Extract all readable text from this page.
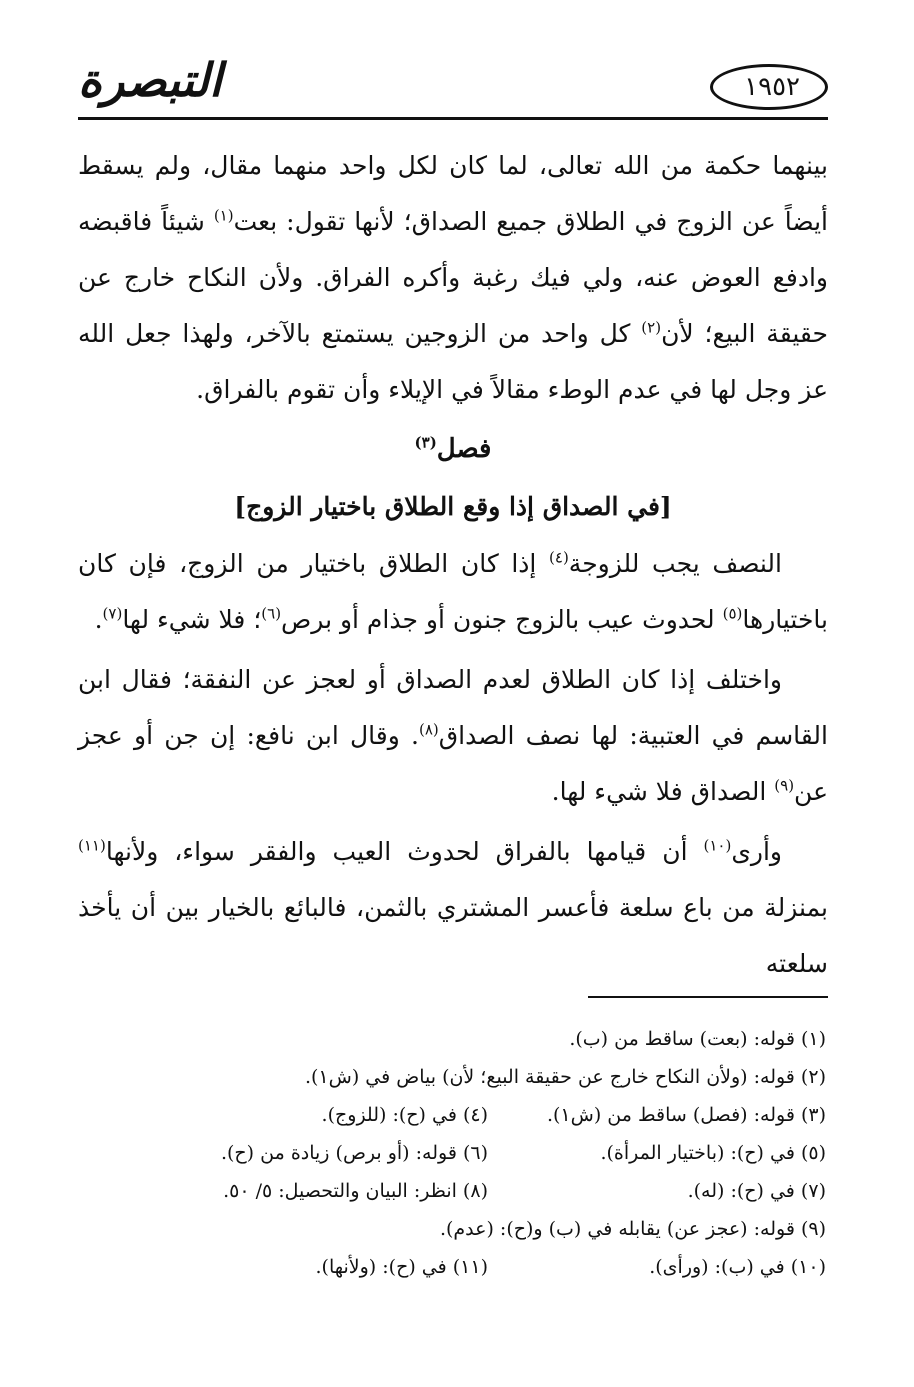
التبصرة	١٩٥٢

بينهما حكمة من الله تعالى، لما كان لكل واحد منهما مقال، ولم يسقط أيضاً عن الزوج في الطلاق جميع الصداق؛ لأنها تقول: بعت$^{(١)}$ شيئاً فاقبضه وادفع العوض عنه، ولي فيك رغبة وأكره الفراق. ولأن النكاح خارج عن حقيقة البيع؛ لأن$^{(٢)}$ كل واحد من الزوجين يستمتع بالآخر، ولهذا جعل الله عز وجل لها في عدم الوطء مقالاً في الإيلاء وأن تقوم بالفراق.

فصل$^{(٣)}$

[في الصداق إذا وقع الطلاق باختيار الزوج]

النصف يجب للزوجة$^{(٤)}$ إذا كان الطلاق باختيار من الزوج، فإن كان باختيارها$^{(٥)}$ لحدوث عيب بالزوج جنون أو جذام أو برص$^{(٦)}$؛ فلا شيء لها$^{(٧)}$.

واختلف إذا كان الطلاق لعدم الصداق أو لعجز عن النفقة؛ فقال ابن القاسم في العتبية: لها نصف الصداق$^{(٨)}$. وقال ابن نافع: إن جن أو عجز عن$^{(٩)}$ الصداق فلا شيء لها.

وأرى$^{(١٠)}$ أن قيامها بالفراق لحدوث العيب والفقر سواء، ولأنها$^{(١١)}$ بمنزلة من باع سلعة فأعسر المشتري بالثمن، فالبائع بالخيار بين أن يأخذ سلعته

(١) قوله: (بعت) ساقط من (ب).
(٢) قوله: (ولأن النكاح خارج عن حقيقة البيع؛ لأن) بياض في (ش١).
(٣) قوله: (فصل) ساقط من (ش١).
(٤) في (ح): (للزوج).
(٥) في (ح): (باختيار المرأة).
(٦) قوله: (أو برص) زيادة من (ح).
(٧) في (ح): (له).
(٨) انظر: البيان والتحصيل: ٥/ ٥٠.
(٩) قوله: (عجز عن) يقابله في (ب) و(ح): (عدم).
(١٠) في (ب): (ورأى).
(١١) في (ح): (ولأنها).
